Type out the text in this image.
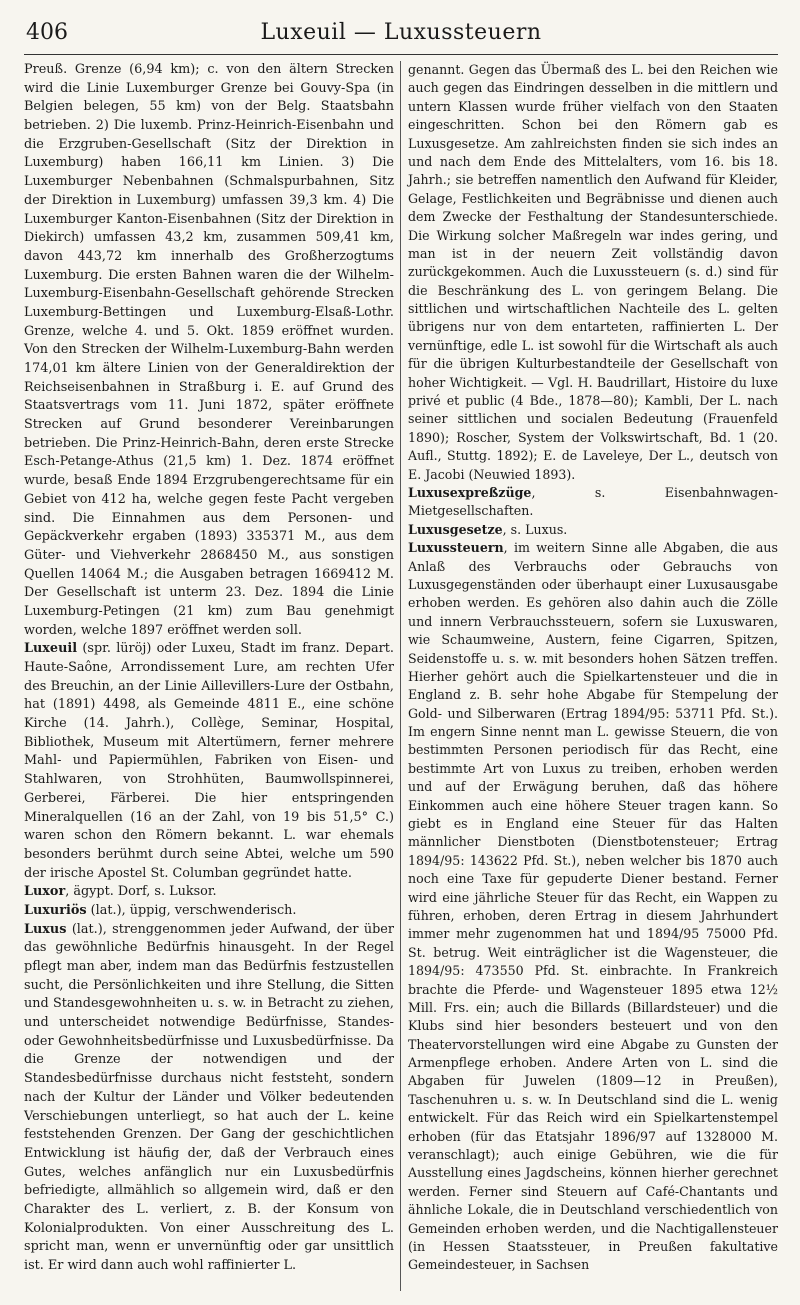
406	Luxeuil — Luxussteuern

Preuß. Grenze (6,94 km); c. von den ältern Strecken wird die Linie Luxemburger Grenze bei Gouvy-Spa (in Belgien belegen, 55 km) von der Belg. Staatsbahn betrieben. 2) Die luxemb. Prinz-Heinrich-Eisenbahn und die Erzgruben-Gesellschaft (Sitz der Direktion in Luxemburg) haben 166,11 km Linien. 3) Die Luxemburger Nebenbahnen (Schmalspurbahnen, Sitz der Direktion in Luxemburg) umfassen 39,3 km. 4) Die Luxemburger Kanton-Eisenbahnen (Sitz der Direktion in Diekirch) umfassen 43,2 km, zusammen 509,41 km, davon 443,72 km innerhalb des Großherzogtums Luxemburg. Die ersten Bahnen waren die der Wilhelm-Luxemburg-Eisenbahn-Gesellschaft gehörende Strecken Luxemburg-Bettingen und Luxemburg-Elsaß-Lothr. Grenze, welche 4. und 5. Okt. 1859 eröffnet wurden. Von den Strecken der Wilhelm-Luxemburg-Bahn werden 174,01 km ältere Linien von der Generaldirektion der Reichseisenbahnen in Straßburg i. E. auf Grund des Staatsvertrags vom 11. Juni 1872, später eröffnete Strecken auf Grund besonderer Vereinbarungen betrieben. Die Prinz-Heinrich-Bahn, deren erste Strecke Esch-Petange-Athus (21,5 km) 1. Dez. 1874 eröffnet wurde, besaß Ende 1894 Erzgrubengerechtsame für ein Gebiet von 412 ha, welche gegen feste Pacht vergeben sind. Die Einnahmen aus dem Personen- und Gepäckverkehr ergaben (1893) 335371 M., aus dem Güter- und Viehverkehr 2868450 M., aus sonstigen Quellen 14064 M.; die Ausgaben betragen 1669412 M. Der Gesellschaft ist unterm 23. Dez. 1894 die Linie Luxemburg-Petingen (21 km) zum Bau genehmigt worden, welche 1897 eröffnet werden soll.

Luxeuil (spr. lüröj) oder Luxeu, Stadt im franz. Depart. Haute-Saône, Arrondissement Lure, am rechten Ufer des Breuchin, an der Linie Aillevillers-Lure der Ostbahn, hat (1891) 4498, als Gemeinde 4811 E., eine schöne Kirche (14. Jahrh.), Collège, Seminar, Hospital, Bibliothek, Museum mit Altertümern, ferner mehrere Mahl- und Papiermühlen, Fabriken von Eisen- und Stahlwaren, von Strohhüten, Baumwollspinnerei, Gerberei, Färberei. Die hier entspringenden Mineralquellen (16 an der Zahl, von 19 bis 51,5° C.) waren schon den Römern bekannt. L. war ehemals besonders berühmt durch seine Abtei, welche um 590 der irische Apostel St. Columban gegründet hatte.

Luxor, ägypt. Dorf, s. Luksor.

Luxuriös (lat.), üppig, verschwenderisch.

Luxus (lat.), strenggenommen jeder Aufwand, der über das gewöhnliche Bedürfnis hinausgeht. In der Regel pflegt man aber, indem man das Bedürfnis festzustellen sucht, die Persönlichkeiten und ihre Stellung, die Sitten und Standesgewohnheiten u. s. w. in Betracht zu ziehen, und unterscheidet notwendige Bedürfnisse, Standes- oder Gewohnheitsbedürfnisse und Luxusbedürfnisse. Da die Grenze der notwendigen und der Standesbedürfnisse durchaus nicht feststeht, sondern nach der Kultur der Länder und Völker bedeutenden Verschiebungen unterliegt, so hat auch der L. keine feststehenden Grenzen. Der Gang der geschichtlichen Entwicklung ist häufig der, daß der Verbrauch eines Gutes, welches anfänglich nur ein Luxusbedürfnis befriedigte, allmählich so allgemein wird, daß er den Charakter des L. verliert, z. B. der Konsum von Kolonialprodukten. Von einer Ausschreitung des L. spricht man, wenn er unvernünftig oder gar unsittlich ist. Er wird dann auch wohl raffinierter L.

genannt. Gegen das Übermaß des L. bei den Reichen wie auch gegen das Eindringen desselben in die mittlern und untern Klassen wurde früher vielfach von den Staaten eingeschritten. Schon bei den Römern gab es Luxusgesetze. Am zahlreichsten finden sie sich indes an und nach dem Ende des Mittelalters, vom 16. bis 18. Jahrh.; sie betreffen namentlich den Aufwand für Kleider, Gelage, Festlichkeiten und Begräbnisse und dienen auch dem Zwecke der Festhaltung der Standesunterschiede. Die Wirkung solcher Maßregeln war indes gering, und man ist in der neuern Zeit vollständig davon zurückgekommen. Auch die Luxussteuern (s. d.) sind für die Beschränkung des L. von geringem Belang. Die sittlichen und wirtschaftlichen Nachteile des L. gelten übrigens nur von dem entarteten, raffinierten L. Der vernünftige, edle L. ist sowohl für die Wirtschaft als auch für die übrigen Kulturbestandteile der Gesellschaft von hoher Wichtigkeit. — Vgl. H. Baudrillart, Histoire du luxe privé et public (4 Bde., 1878—80); Kambli, Der L. nach seiner sittlichen und socialen Bedeutung (Frauenfeld 1890); Roscher, System der Volkswirtschaft, Bd. 1 (20. Aufl., Stuttg. 1892); E. de Laveleye, Der L., deutsch von E. Jacobi (Neuwied 1893).

Luxusexpreßzüge, s. Eisenbahnwagen-Mietgesellschaften.

Luxusgesetze, s. Luxus.

Luxussteuern, im weitern Sinne alle Abgaben, die aus Anlaß des Verbrauchs oder Gebrauchs von Luxusgegenständen oder überhaupt einer Luxusausgabe erhoben werden. Es gehören also dahin auch die Zölle und innern Verbrauchssteuern, sofern sie Luxuswaren, wie Schaumweine, Austern, feine Cigarren, Spitzen, Seidenstoffe u. s. w. mit besonders hohen Sätzen treffen. Hierher gehört auch die Spielkartensteuer und die in England z. B. sehr hohe Abgabe für Stempelung der Gold- und Silberwaren (Ertrag 1894/95: 53711 Pfd. St.). Im engern Sinne nennt man L. gewisse Steuern, die von bestimmten Personen periodisch für das Recht, eine bestimmte Art von Luxus zu treiben, erhoben werden und auf der Erwägung beruhen, daß das höhere Einkommen auch eine höhere Steuer tragen kann. So giebt es in England eine Steuer für das Halten männlicher Dienstboten (Dienstbotensteuer; Ertrag 1894/95: 143622 Pfd. St.), neben welcher bis 1870 auch noch eine Taxe für gepuderte Diener bestand. Ferner wird eine jährliche Steuer für das Recht, ein Wappen zu führen, erhoben, deren Ertrag in diesem Jahrhundert immer mehr zugenommen hat und 1894/95 75000 Pfd. St. betrug. Weit einträglicher ist die Wagensteuer, die 1894/95: 473550 Pfd. St. einbrachte. In Frankreich brachte die Pferde- und Wagensteuer 1895 etwa 12½ Mill. Frs. ein; auch die Billards (Billardsteuer) und die Klubs sind hier besonders besteuert und von den Theatervorstellungen wird eine Abgabe zu Gunsten der Armenpflege erhoben. Andere Arten von L. sind die Abgaben für Juwelen (1809—12 in Preußen), Taschenuhren u. s. w. In Deutschland sind die L. wenig entwickelt. Für das Reich wird ein Spielkartenstempel erhoben (für das Etatsjahr 1896/97 auf 1328000 M. veranschlagt); auch einige Gebühren, wie die für Ausstellung eines Jagdscheins, können hierher gerechnet werden. Ferner sind Steuern auf Café-Chantants und ähnliche Lokale, die in Deutschland verschiedentlich von Gemeinden erhoben werden, und die Nachtigallensteuer (in Hessen Staatssteuer, in Preußen fakultative Gemeindesteuer, in Sachsen
